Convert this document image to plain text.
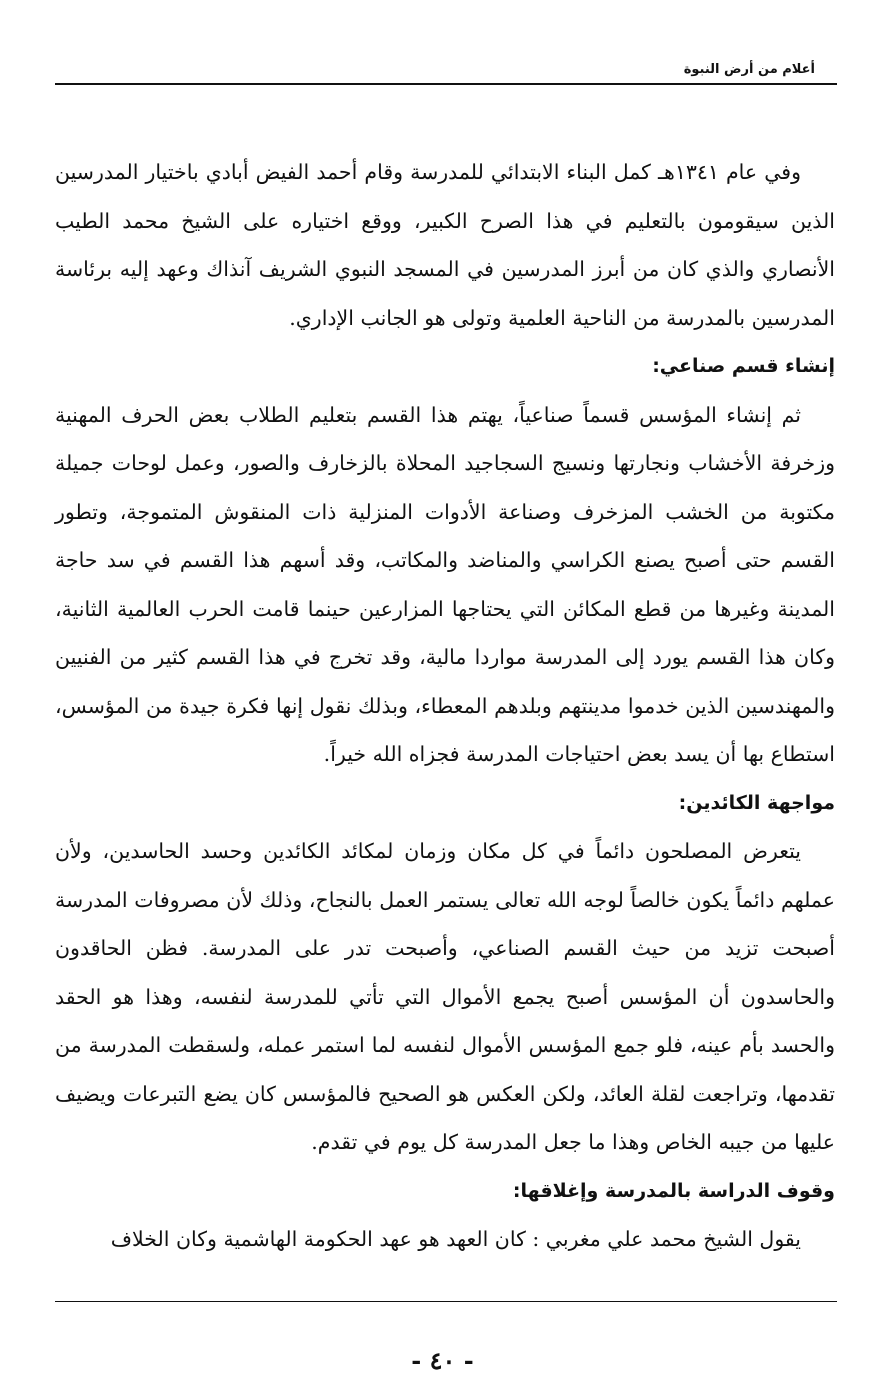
أعلام من أرض النبوة

وفي عام ١٣٤١هـ كمل البناء الابتدائي للمدرسة وقام أحمد الفيض أبادي باختيار المدرسين الذين سيقومون بالتعليم في هذا الصرح الكبير، ووقع اختياره على الشيخ محمد الطيب الأنصاري والذي كان من أبرز المدرسين في المسجد النبوي الشريف آنذاك وعهد إليه برئاسة المدرسين بالمدرسة من الناحية العلمية وتولى هو الجانب الإداري.

إنشاء قسم صناعي:

ثم إنشاء المؤسس قسماً صناعياً، يهتم هذا القسم بتعليم الطلاب بعض الحرف المهنية وزخرفة الأخشاب ونجارتها ونسيج السجاجيد المحلاة بالزخارف والصور، وعمل لوحات جميلة مكتوبة من الخشب المزخرف وصناعة الأدوات المنزلية ذات المنقوش المتموجة، وتطور القسم حتى أصبح يصنع الكراسي والمناضد والمكاتب، وقد أسهم هذا القسم في سد حاجة المدينة وغيرها من قطع المكائن التي يحتاجها المزارعين حينما قامت الحرب العالمية الثانية، وكان هذا القسم يورد إلى المدرسة مواردا مالية، وقد تخرج في هذا القسم كثير من الفنيين والمهندسين الذين خدموا مدينتهم وبلدهم المعطاء، وبذلك نقول إنها فكرة جيدة من المؤسس، استطاع بها أن يسد بعض احتياجات المدرسة فجزاه الله خيراً.

مواجهة الكائدين:

يتعرض المصلحون دائماً في كل مكان وزمان لمكائد الكائدين وحسد الحاسدين، ولأن عملهم دائماً يكون خالصاً لوجه الله تعالى يستمر العمل بالنجاح، وذلك لأن مصروفات المدرسة أصبحت تزيد من حيث القسم الصناعي، وأصبحت تدر على المدرسة. فظن الحاقدون والحاسدون أن المؤسس أصبح يجمع الأموال التي تأتي للمدرسة لنفسه، وهذا هو الحقد والحسد بأم عينه، فلو جمع المؤسس الأموال لنفسه لما استمر عمله، ولسقطت المدرسة من تقدمها، وتراجعت لقلة العائد، ولكن العكس هو الصحيح فالمؤسس كان يضع التبرعات ويضيف عليها من جيبه الخاص وهذا ما جعل المدرسة كل يوم في تقدم.

وقوف الدراسة بالمدرسة وإغلاقها:

يقول الشيخ محمد علي مغربي : كان العهد هو عهد الحكومة الهاشمية وكان الخلاف

- ٤٠ -
